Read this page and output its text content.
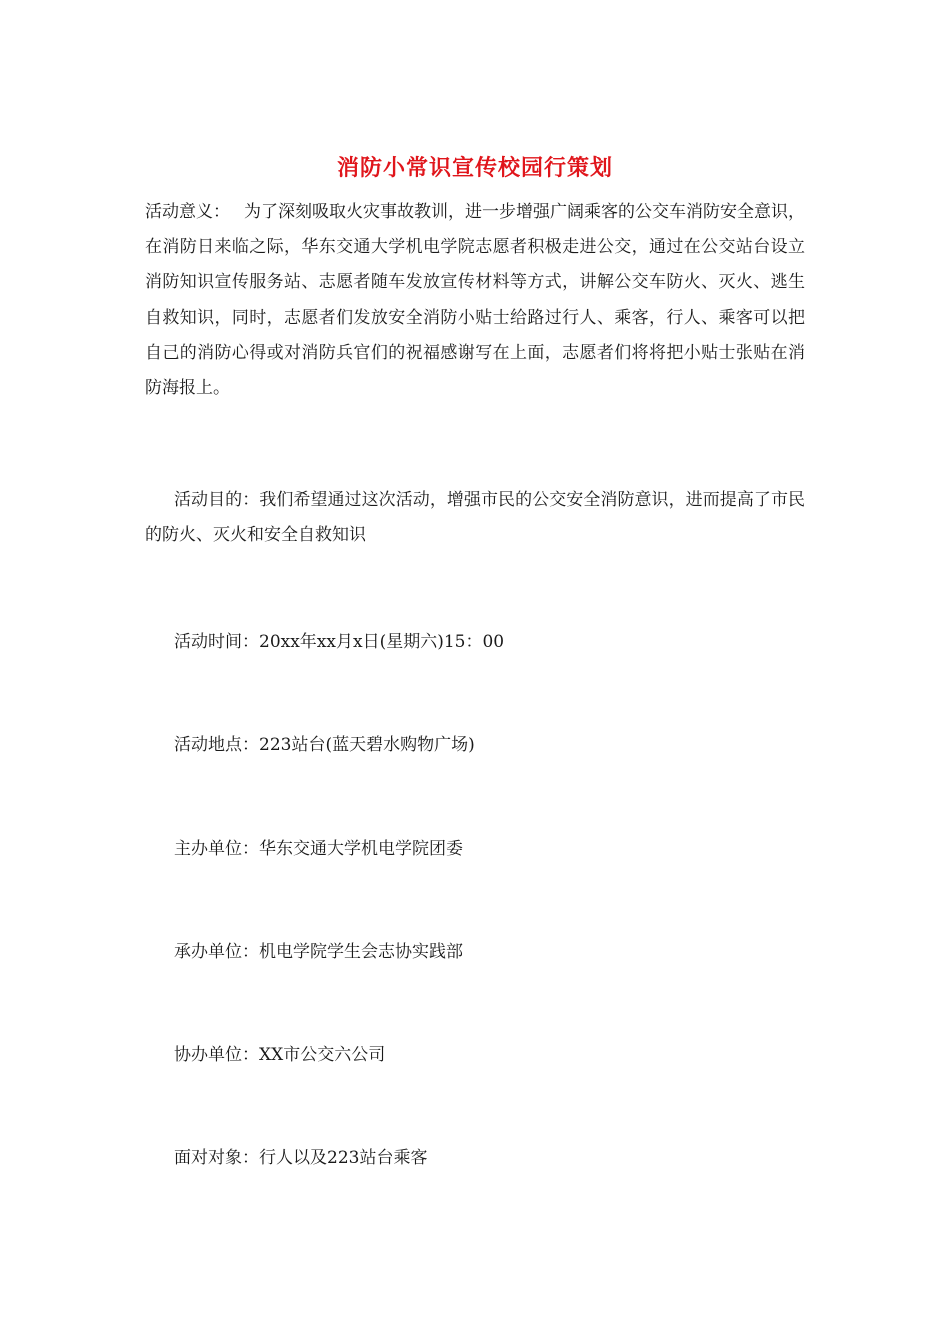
消防小常识宣传校园行策划
活动意义： 为了深刻吸取火灾事故教训，进一步增强广阔乘客的公交车消防安全意识，在消防日来临之际，华东交通大学机电学院志愿者积极走进公交，通过在公交站台设立消防知识宣传服务站、志愿者随车发放宣传材料等方式，讲解公交车防火、灭火、逃生自救知识，同时，志愿者们发放安全消防小贴士给路过行人、乘客，行人、乘客可以把自己的消防心得或对消防兵官们的祝福感谢写在上面，志愿者们将将把小贴士张贴在消防海报上。
活动目的：我们希望通过这次活动，增强市民的公交安全消防意识，进而提高了市民的防火、灭火和安全自救知识
活动时间：20xx年xx月x日(星期六)15：00
活动地点：223站台(蓝天碧水购物广场)
主办单位：华东交通大学机电学院团委
承办单位：机电学院学生会志协实践部
协办单位：XX市公交六公司
面对对象：行人以及223站台乘客
